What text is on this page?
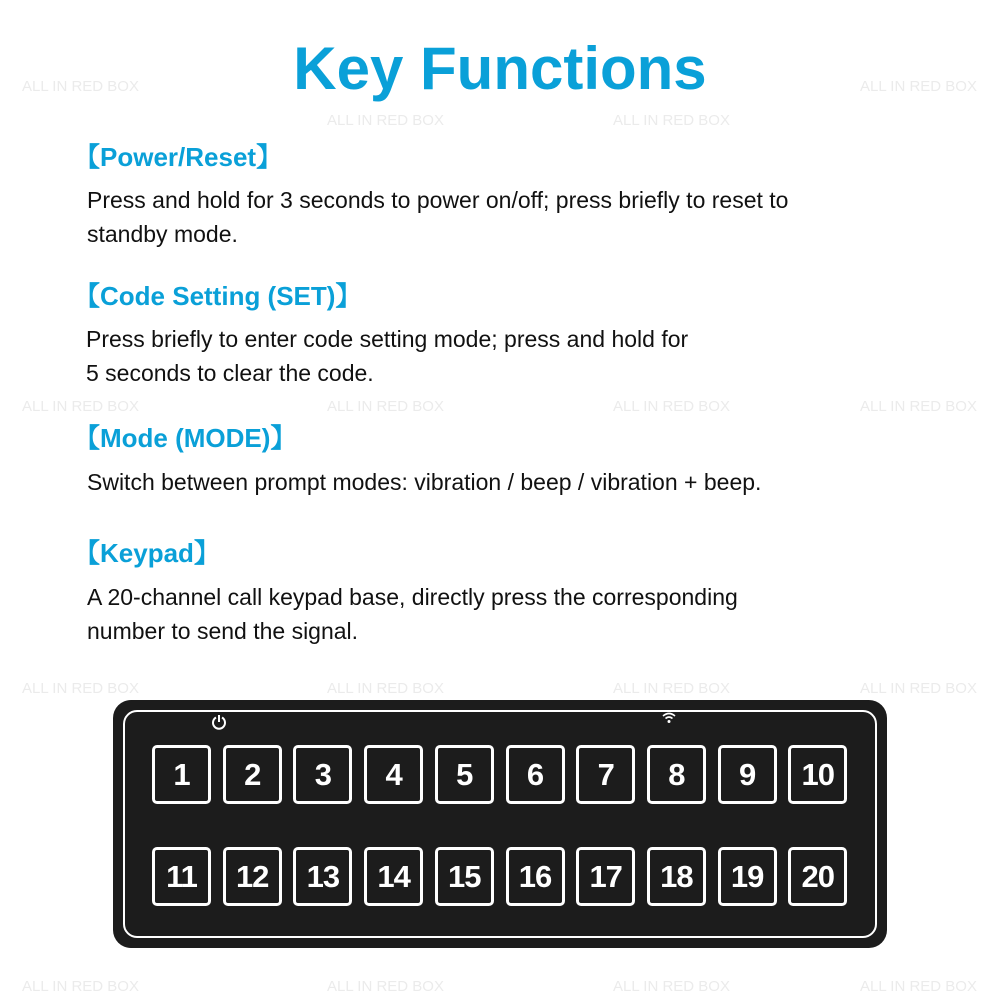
ALL IN RED BOX	ALL IN RED BOX
ALL IN RED BOX	ALL IN RED BOX
ALL IN RED BOX	ALL IN RED BOX	ALL IN RED BOX	ALL IN RED BOX
ALL IN RED BOX	ALL IN RED BOX	ALL IN RED BOX	ALL IN RED BOX
ALL IN RED BOX	ALL IN RED BOX	ALL IN RED BOX	ALL IN RED BOX
Key Functions
【Power/Reset】
Press and hold for 3 seconds to power on/off; press briefly to reset to
standby mode.
【Code Setting (SET)】
Press briefly to enter code setting mode; press and hold for
5 seconds to clear the code.
【Mode (MODE)】
Switch between prompt modes: vibration / beep / vibration + beep.
【Keypad】
A 20-channel call keypad base, directly press the corresponding
number to send the signal.
1	2	3	4	5	6	7	8	9	10
11	12	13	14	15	16	17	18	19	20
